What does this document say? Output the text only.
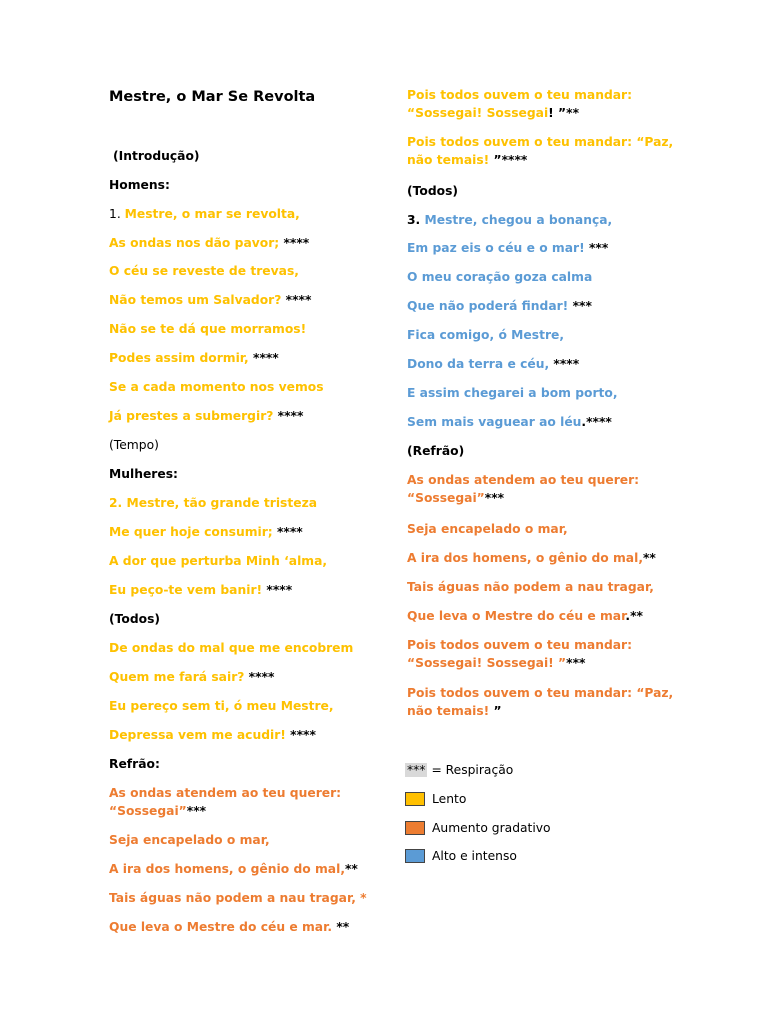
Mestre, o Mar Se Revolta
(Introdução)
Homens:
1. Mestre, o mar se revolta,
As ondas nos dão pavor; ****
O céu se reveste de trevas,
Não temos um Salvador? ****
Não se te dá que morramos!
Podes assim dormir, ****
Se a cada momento nos vemos
Já prestes a submergir? ****
(Tempo)
Mulheres:
2. Mestre, tão grande tristeza
Me quer hoje consumir; ****
A dor que perturba Minh ‘alma,
Eu peço-te vem banir! ****
(Todos)
De ondas do mal que me encobrem
Quem me fará sair? ****
Eu pereço sem ti, ó meu Mestre,
Depressa vem me acudir! ****
Refrão:
As ondas atendem ao teu querer:
“Sossegai”***
Seja encapelado o mar,
A ira dos homens, o gênio do mal,**
Tais águas não podem a nau tragar, *
Que leva o Mestre do céu e mar. **
Pois todos ouvem o teu mandar:
“Sossegai! Sossegai! ”**
Pois todos ouvem o teu mandar: “Paz,
não temais! ”****
(Todos)
3. Mestre, chegou a bonança,
Em paz eis o céu e o mar! ***
O meu coração goza calma
Que não poderá findar! ***
Fica comigo, ó Mestre,
Dono da terra e céu, ****
E assim chegarei a bom porto,
Sem mais vaguear ao léu.****
(Refrão)
As ondas atendem ao teu querer:
“Sossegai”***
Seja encapelado o mar,
A ira dos homens, o gênio do mal,**
Tais águas não podem a nau tragar,
Que leva o Mestre do céu e mar.**
Pois todos ouvem o teu mandar:
“Sossegai! Sossegai! ”***
Pois todos ouvem o teu mandar: “Paz,
não temais! ”
*** = Respiração
Lento
Aumento gradativo
Alto e intenso
